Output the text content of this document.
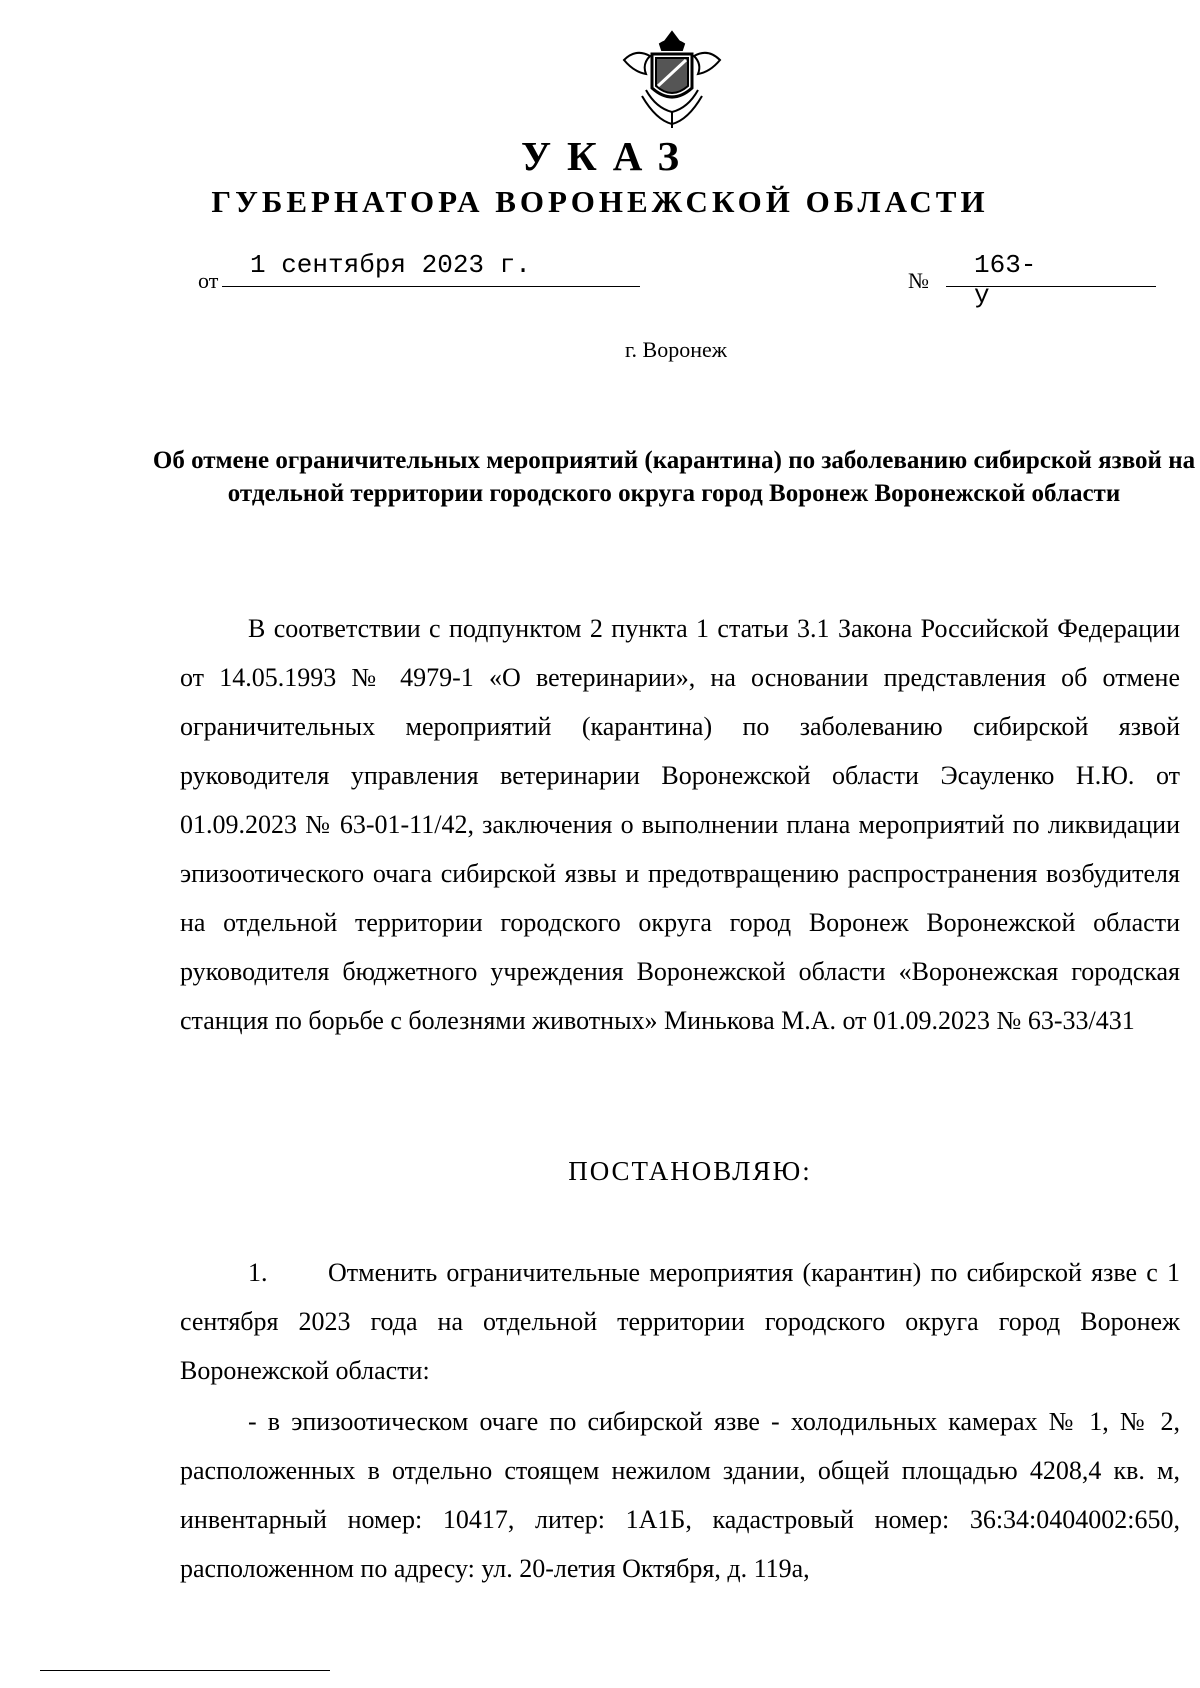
УКАЗ
ГУБЕРНАТОРА ВОРОНЕЖСКОЙ ОБЛАСТИ
от
1 сентября 2023 г.
№
163-у
г. Воронеж

Об отмене ограничительных мероприятий (карантина) по заболеванию сибирской язвой на отдельной территории городского округа город Воронеж Воронежской области

В соответствии с подпунктом 2 пункта 1 статьи 3.1 Закона Российской Федерации от 14.05.1993 № 4979-1 «О ветеринарии», на основании представления об отмене ограничительных мероприятий (карантина) по заболеванию сибирской язвой руководителя управления ветеринарии Воронежской области Эсауленко Н.Ю. от 01.09.2023 № 63-01-11/42, заключения о выполнении плана мероприятий по ликвидации эпизоотического очага сибирской язвы и предотвращению распространения возбудителя на отдельной территории городского округа город Воронеж Воронежской области руководителя бюджетного учреждения Воронежской области «Воронежская городская станция по борьбе с болезнями животных» Минькова М.А. от 01.09.2023 № 63-33/431

ПОСТАНОВЛЯЮ:

1. Отменить ограничительные мероприятия (карантин) по сибирской язве с 1 сентября 2023 года на отдельной территории городского округа город Воронеж Воронежской области:

- в эпизоотическом очаге по сибирской язве - холодильных камерах № 1, № 2, расположенных в отдельно стоящем нежилом здании, общей площадью 4208,4 кв. м, инвентарный номер: 10417, литер: 1А1Б, кадастровый номер: 36:34:0404002:650, расположенном по адресу: ул. 20-летия Октября, д. 119а,
